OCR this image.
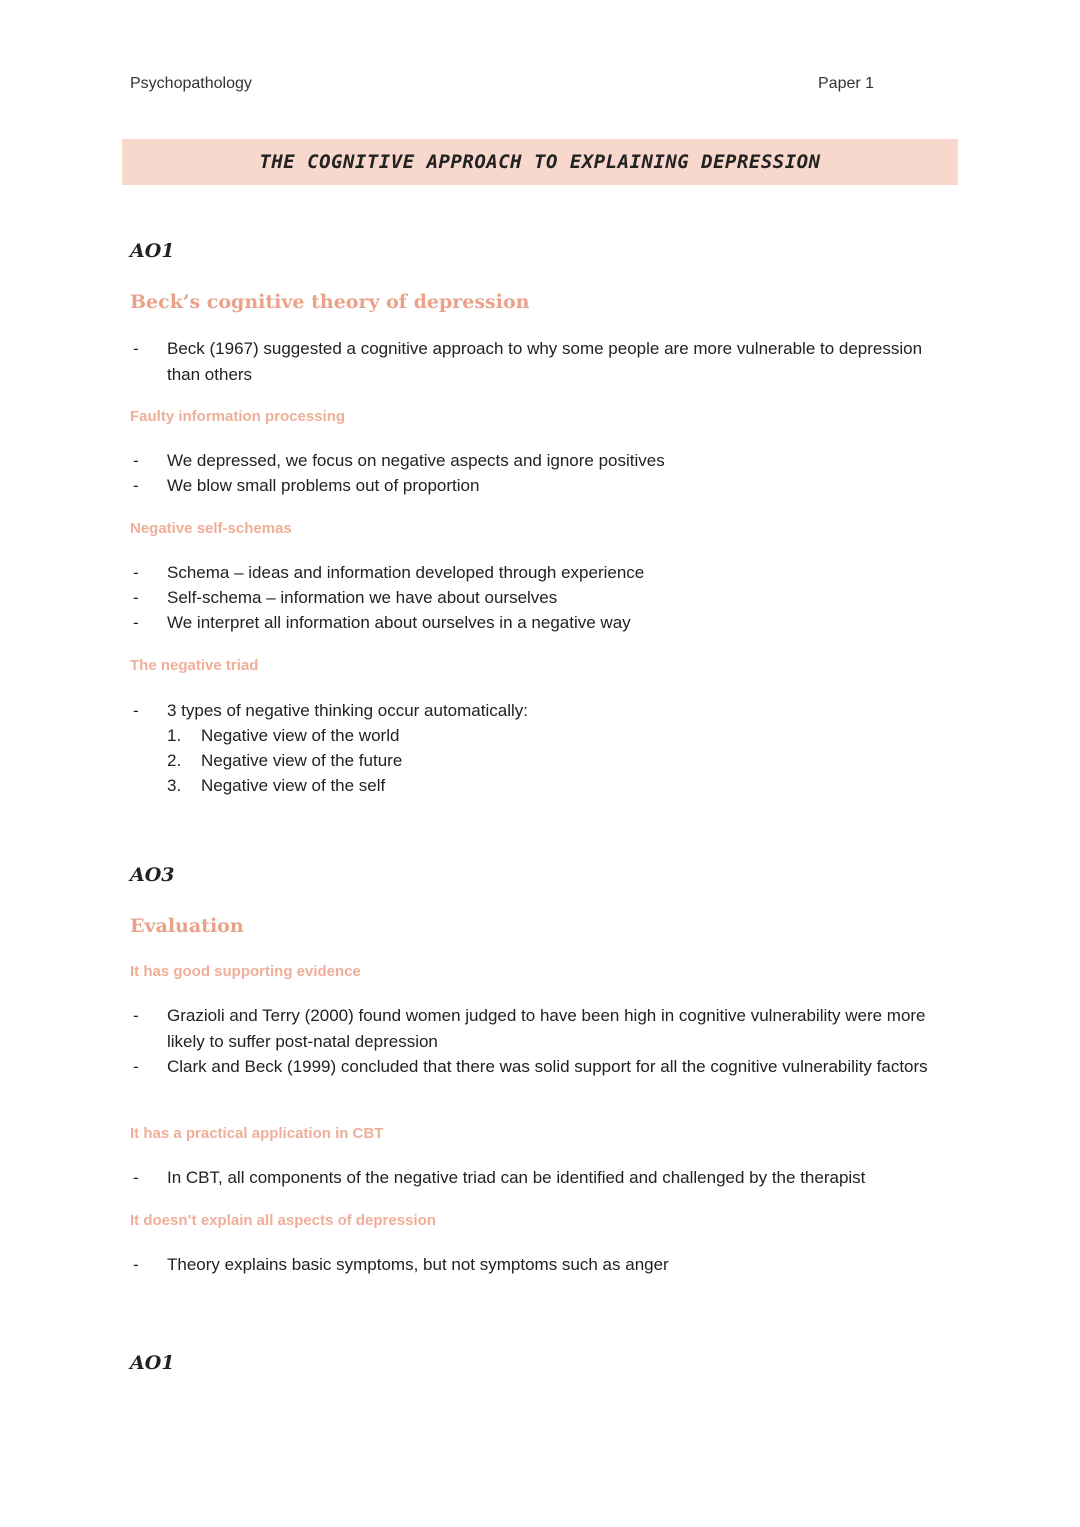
Psychopathology	Paper 1
THE COGNITIVE APPROACH TO EXPLAINING DEPRESSION
AO1
Beck’s cognitive theory of depression
- Beck (1967) suggested a cognitive approach to why some people are more vulnerable to depression than others
Faulty information processing
- We depressed, we focus on negative aspects and ignore positives
- We blow small problems out of proportion
Negative self-schemas
- Schema – ideas and information developed through experience
- Self-schema – information we have about ourselves
- We interpret all information about ourselves in a negative way
The negative triad
- 3 types of negative thinking occur automatically:
1. Negative view of the world
2. Negative view of the future
3. Negative view of the self
AO3
Evaluation
It has good supporting evidence
- Grazioli and Terry (2000) found women judged to have been high in cognitive vulnerability were more likely to suffer post-natal depression
- Clark and Beck (1999) concluded that there was solid support for all the cognitive vulnerability factors
It has a practical application in CBT
- In CBT, all components of the negative triad can be identified and challenged by the therapist
It doesn’t explain all aspects of depression
- Theory explains basic symptoms, but not symptoms such as anger
AO1
